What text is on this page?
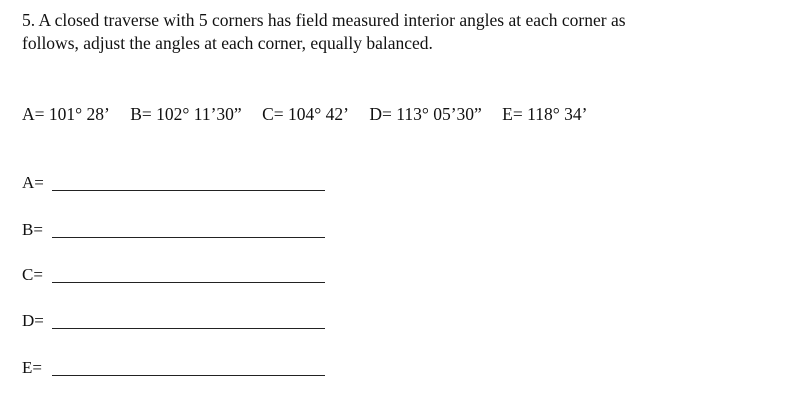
5. A closed traverse with 5 corners has field measured interior angles at each corner as
follows, adjust the angles at each corner, equally balanced.
A= 101° 28’ B= 102° 11’30” C= 104° 42’ D= 113° 05’30” E= 118° 34’
A=
B=
C=
D=
E=
